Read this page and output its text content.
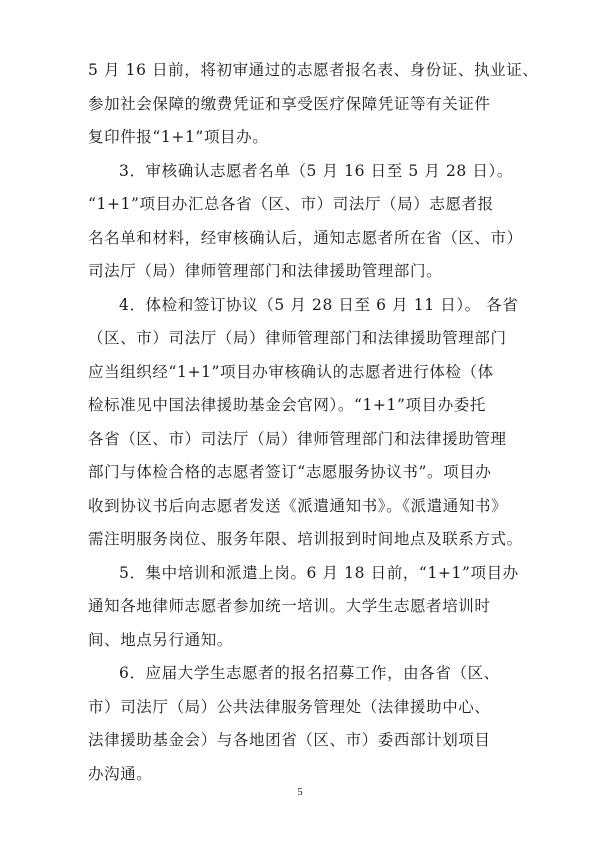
5 月 16 日前，将初审通过的志愿者报名表、身份证、执业证、
参加社会保障的缴费凭证和享受医疗保障凭证等有关证件
复印件报“1+1”项目办。
3．审核确认志愿者名单（5 月 16 日至 5 月 28 日）。
“1+1”项目办汇总各省（区、市）司法厅（局）志愿者报
名名单和材料，经审核确认后，通知志愿者所在省（区、市）
司法厅（局）律师管理部门和法律援助管理部门。
4．体检和签订协议（5 月 28 日至 6 月 11 日）。 各省
（区、市）司法厅（局）律师管理部门和法律援助管理部门
应当组织经“1+1”项目办审核确认的志愿者进行体检（体
检标准见中国法律援助基金会官网）。“1+1”项目办委托
各省（区、市）司法厅（局）律师管理部门和法律援助管理
部门与体检合格的志愿者签订“志愿服务协议书”。项目办
收到协议书后向志愿者发送《派遣通知书》。《派遣通知书》
需注明服务岗位、服务年限、培训报到时间地点及联系方式。
5．集中培训和派遣上岗。6 月 18 日前，“1+1”项目办
通知各地律师志愿者参加统一培训。大学生志愿者培训时
间、地点另行通知。
6．应届大学生志愿者的报名招募工作，由各省（区、
市）司法厅（局）公共法律服务管理处（法律援助中心、
法律援助基金会）与各地团省（区、市）委西部计划项目
办沟通。
5
